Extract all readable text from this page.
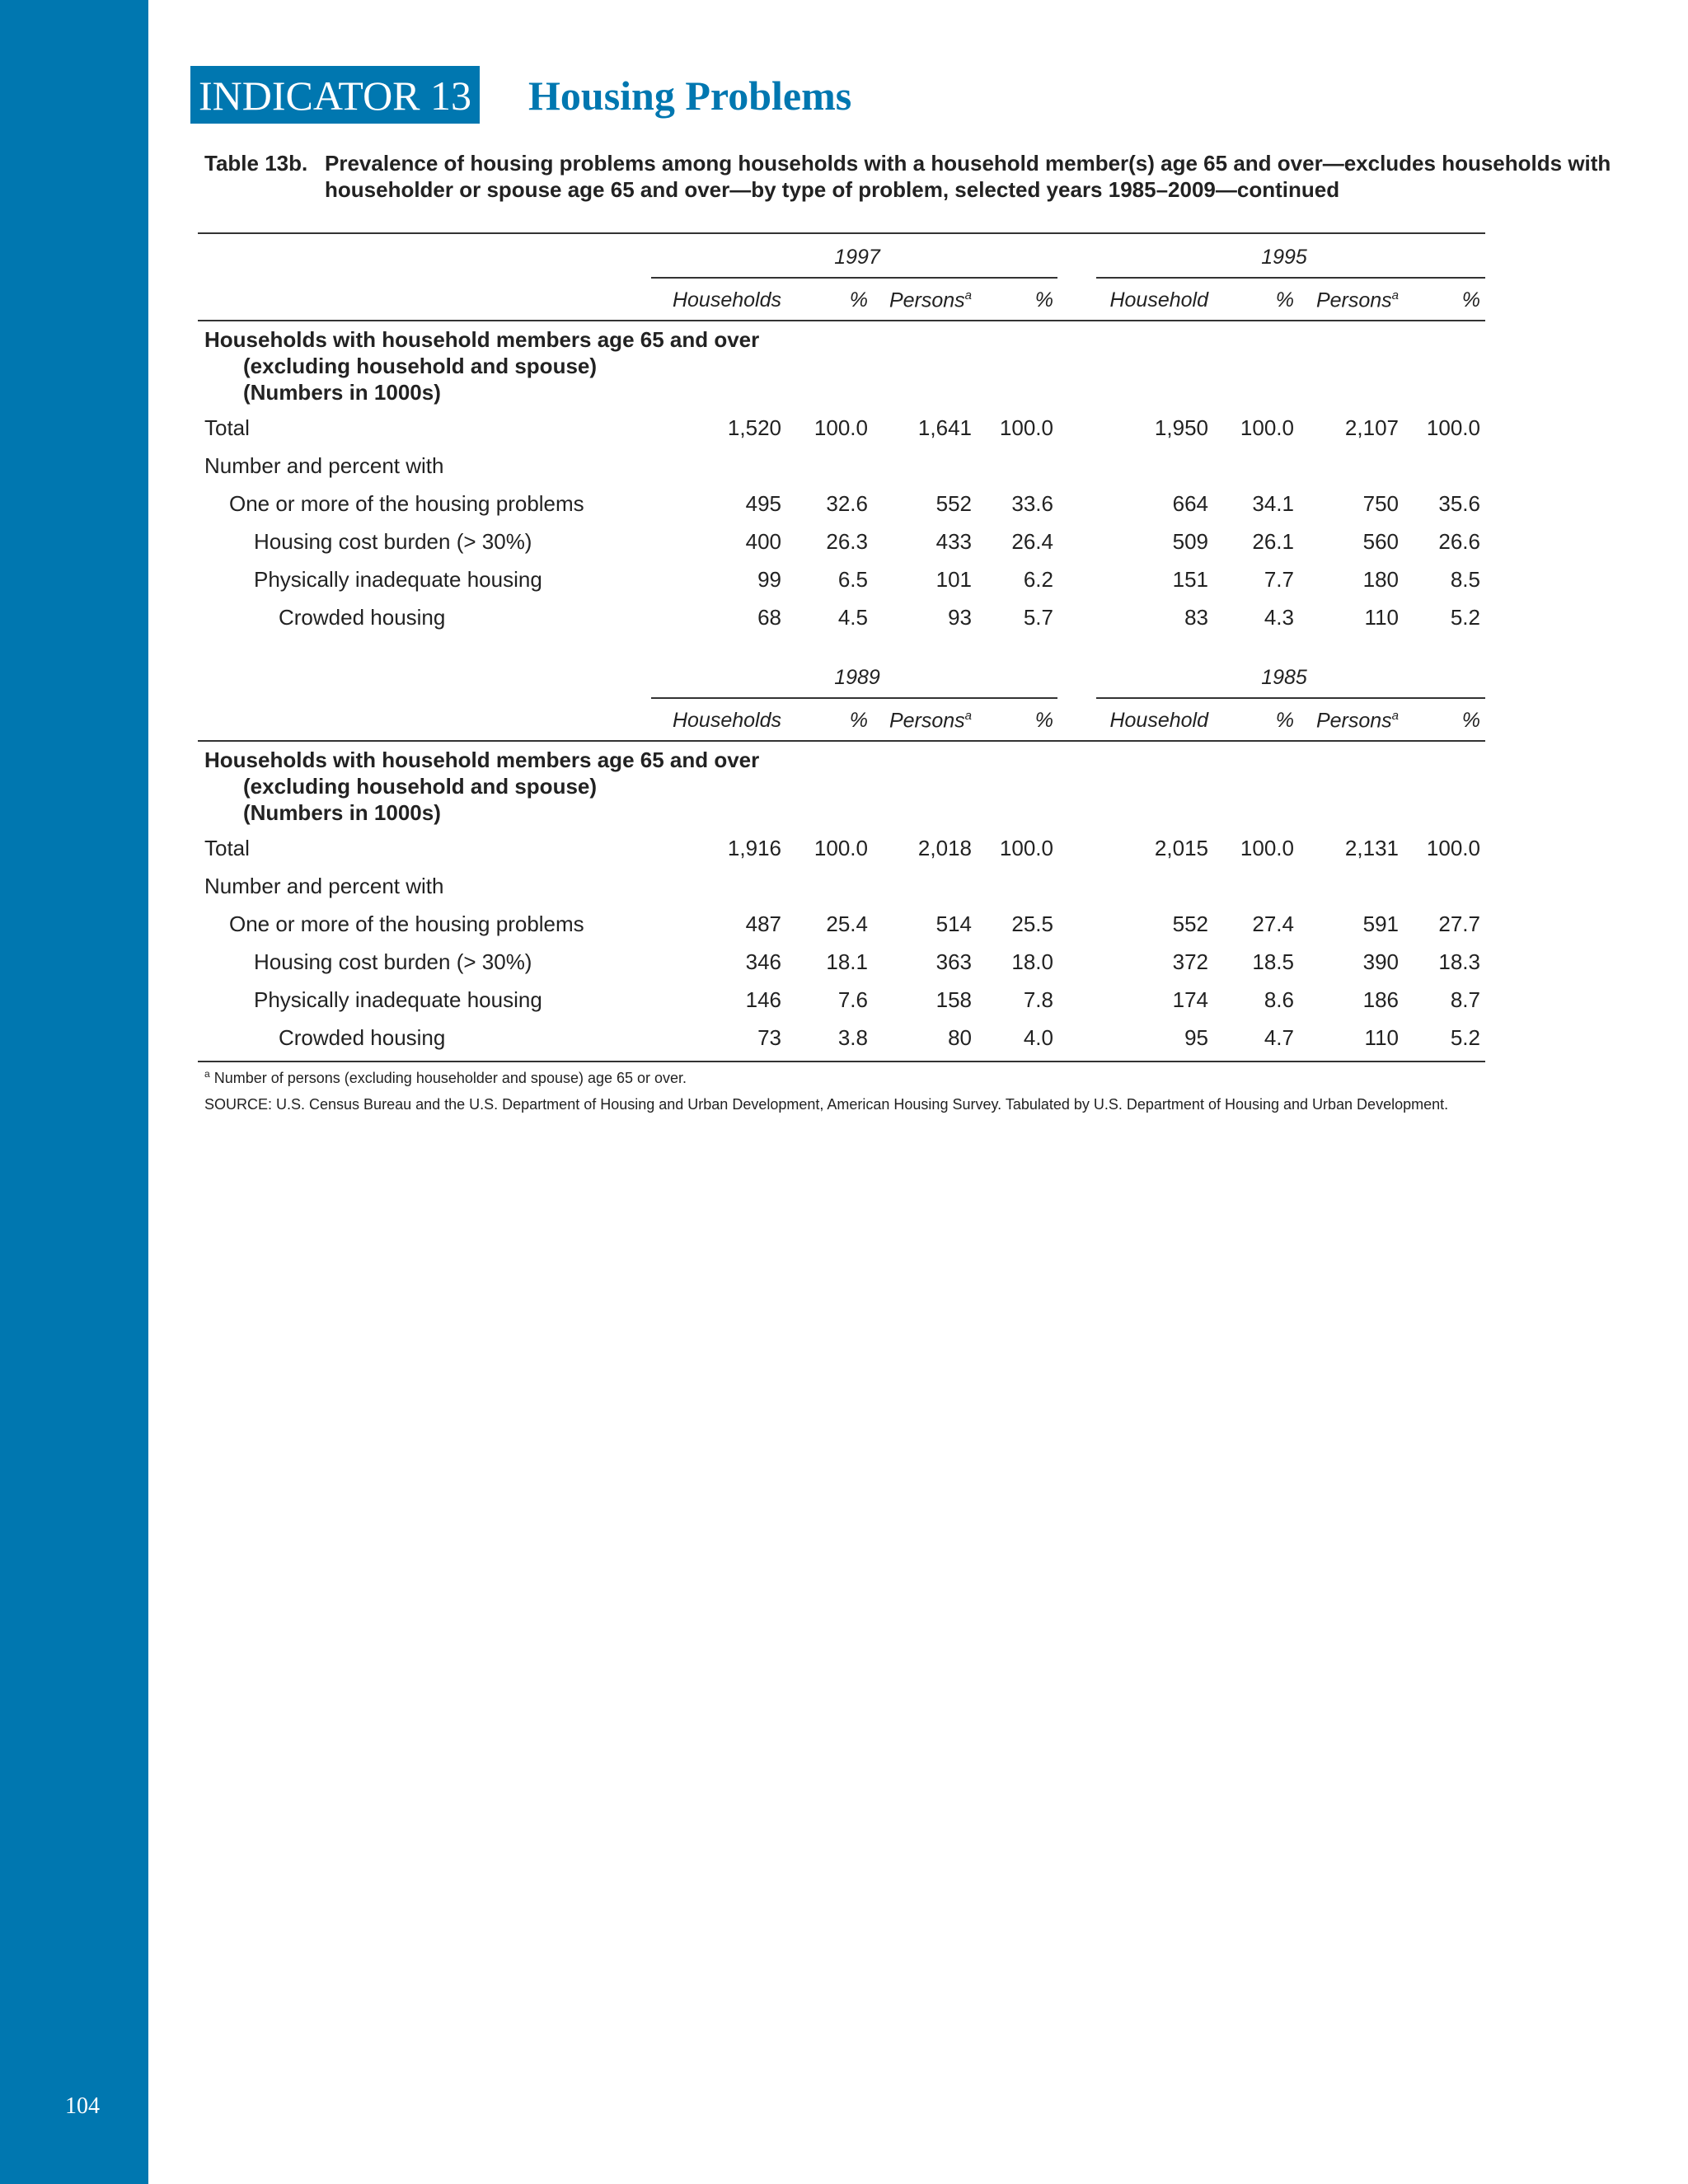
104
INDICATOR 13 Housing Problems
Table 13b. Prevalence of housing problems among households with a household member(s) age 65 and over—excludes households with householder or spouse age 65 and over—by type of problem, selected years 1985–2009—continued
1997	1995
Households	% Persons$^a$	%	Household	% Persons$^a$	%
Households with household members age 65 and over
(excluding household and spouse)
(Numbers in 1000s)
Total	1,520	100.0	1,641	100.0	1,950	100.0	2,107	100.0
Number and percent with
One or more of the housing problems	495	32.6	552	33.6	664	34.1	750	35.6
Housing cost burden (> 30%)	400	26.3	433	26.4	509	26.1	560	26.6
Physically inadequate housing	99	6.5	101	6.2	151	7.7	180	8.5
Crowded housing	68	4.5	93	5.7	83	4.3	110	5.2
1989	1985
Households	% Persons$^a$	%	Household	% Persons$^a$	%
Households with household members age 65 and over
(excluding household and spouse)
(Numbers in 1000s)
Total	1,916	100.0	2,018	100.0	2,015	100.0	2,131	100.0
Number and percent with
One or more of the housing problems	487	25.4	514	25.5	552	27.4	591	27.7
Housing cost burden (> 30%)	346	18.1	363	18.0	372	18.5	390	18.3
Physically inadequate housing	146	7.6	158	7.8	174	8.6	186	8.7
Crowded housing	73	3.8	80	4.0	95	4.7	110	5.2
$^a$ Number of persons (excluding householder and spouse) age 65 or over.
SOURCE: U.S. Census Bureau and the U.S. Department of Housing and Urban Development, American Housing Survey. Tabulated by U.S. Department of Housing and Urban Development.
